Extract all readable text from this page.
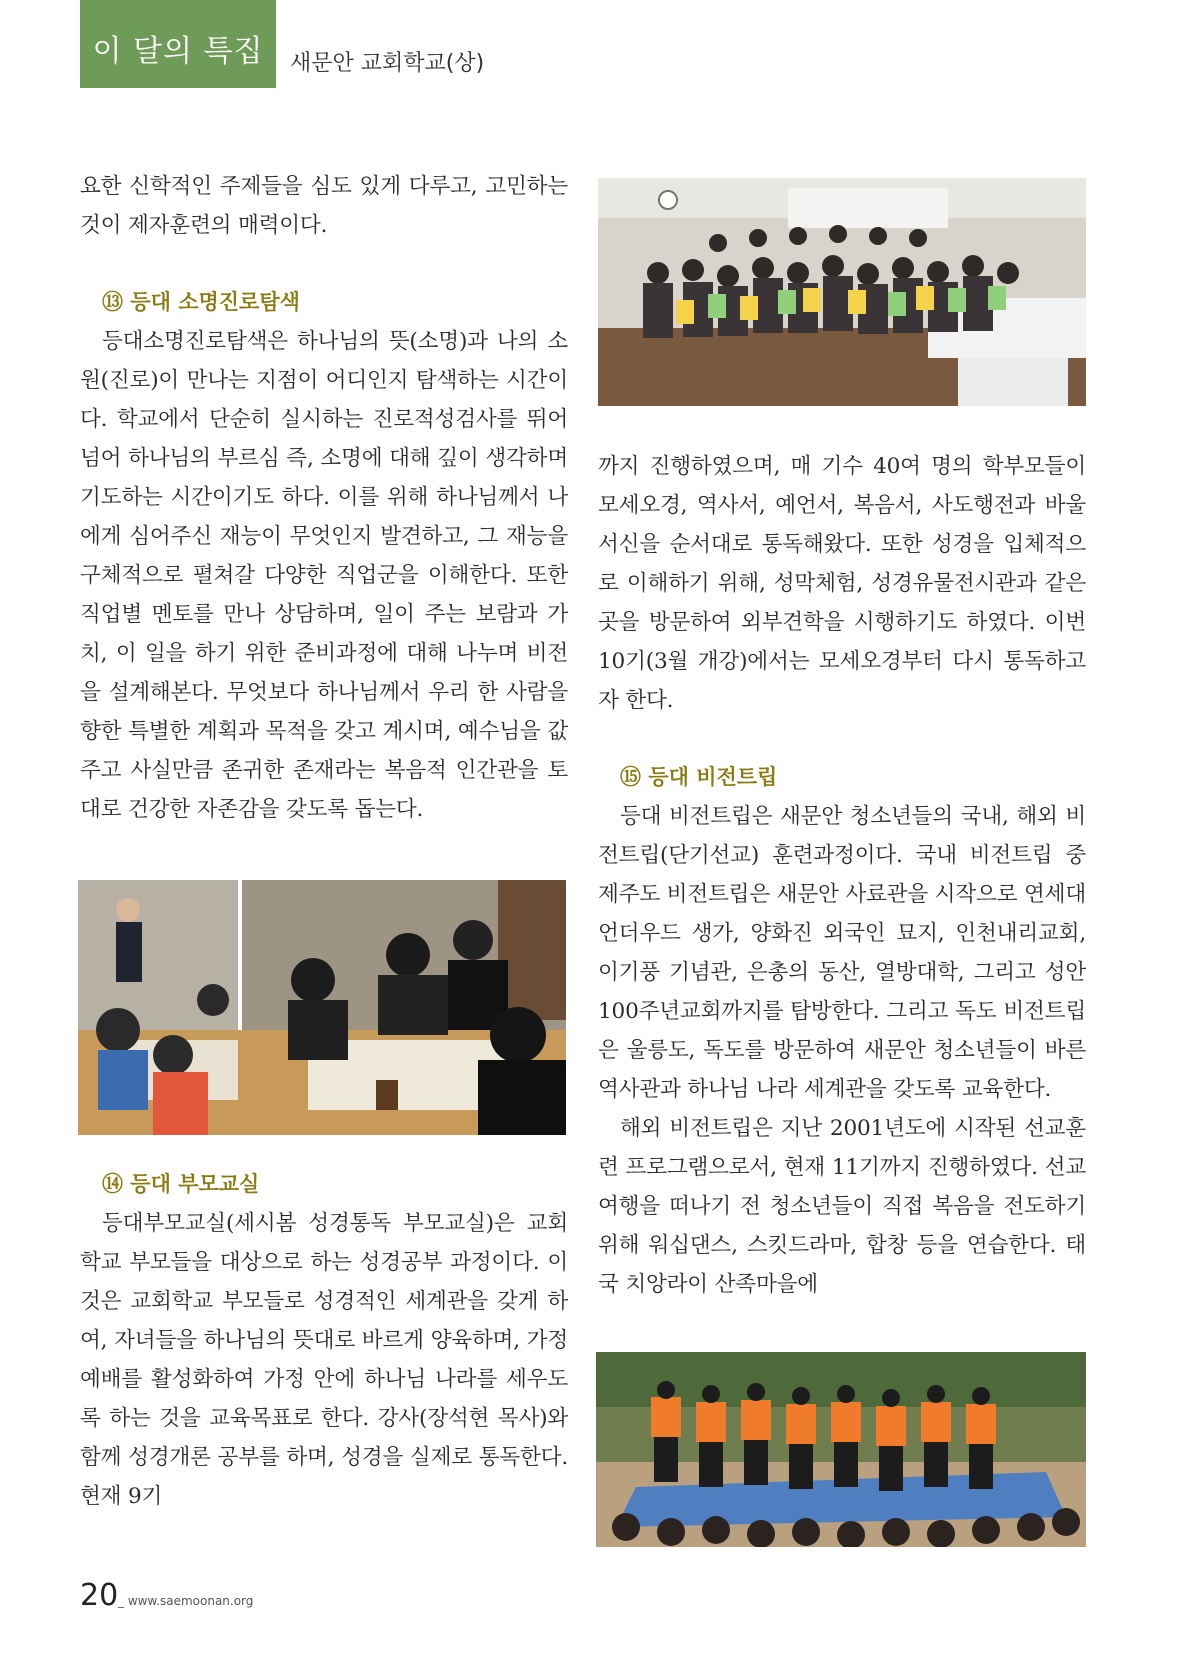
이 달의 특집 새문안 교회학교(상)

요한 신학적인 주제들을 심도 있게 다루고, 고민하는 것이 제자훈련의 매력이다.

⑬ 등대 소명진로탐색

등대소명진로탐색은 하나님의 뜻(소명)과 나의 소원(진로)이 만나는 지점이 어디인지 탐색하는 시간이다. 학교에서 단순히 실시하는 진로적성검사를 뛰어넘어 하나님의 부르심 즉, 소명에 대해 깊이 생각하며 기도하는 시간이기도 하다. 이를 위해 하나님께서 나에게 심어주신 재능이 무엇인지 발견하고, 그 재능을 구체적으로 펼쳐갈 다양한 직업군을 이해한다. 또한 직업별 멘토를 만나 상담하며, 일이 주는 보람과 가치, 이 일을 하기 위한 준비과정에 대해 나누며 비전을 설계해본다. 무엇보다 하나님께서 우리 한 사람을 향한 특별한 계획과 목적을 갖고 계시며, 예수님을 값 주고 사실만큼 존귀한 존재라는 복음적 인간관을 토대로 건강한 자존감을 갖도록 돕는다.

⑭ 등대 부모교실

등대부모교실(세시봄 성경통독 부모교실)은 교회학교 부모들을 대상으로 하는 성경공부 과정이다. 이것은 교회학교 부모들로 성경적인 세계관을 갖게 하여, 자녀들을 하나님의 뜻대로 바르게 양육하며, 가정예배를 활성화하여 가정 안에 하나님 나라를 세우도록 하는 것을 교육목표로 한다. 강사(장석현 목사)와 함께 성경개론 공부를 하며, 성경을 실제로 통독한다. 현재 9기

까지 진행하였으며, 매 기수 40여 명의 학부모들이 모세오경, 역사서, 예언서, 복음서, 사도행전과 바울서신을 순서대로 통독해왔다. 또한 성경을 입체적으로 이해하기 위해, 성막체험, 성경유물전시관과 같은 곳을 방문하여 외부견학을 시행하기도 하였다. 이번 10기(3월 개강)에서는 모세오경부터 다시 통독하고자 한다.

⑮ 등대 비전트립

등대 비전트립은 새문안 청소년들의 국내, 해외 비전트립(단기선교) 훈련과정이다. 국내 비전트립 중 제주도 비전트립은 새문안 사료관을 시작으로 연세대 언더우드 생가, 양화진 외국인 묘지, 인천내리교회, 이기풍 기념관, 은총의 동산, 열방대학, 그리고 성안100주년교회까지를 탐방한다. 그리고 독도 비전트립은 울릉도, 독도를 방문하여 새문안 청소년들이 바른 역사관과 하나님 나라 세계관을 갖도록 교육한다.

해외 비전트립은 지난 2001년도에 시작된 선교훈련 프로그램으로서, 현재 11기까지 진행하였다. 선교여행을 떠나기 전 청소년들이 직접 복음을 전도하기 위해 워십댄스, 스킷드라마, 합창 등을 연습한다. 태국 치앙라이 산족마을에

20 _ www.saemoonan.org
